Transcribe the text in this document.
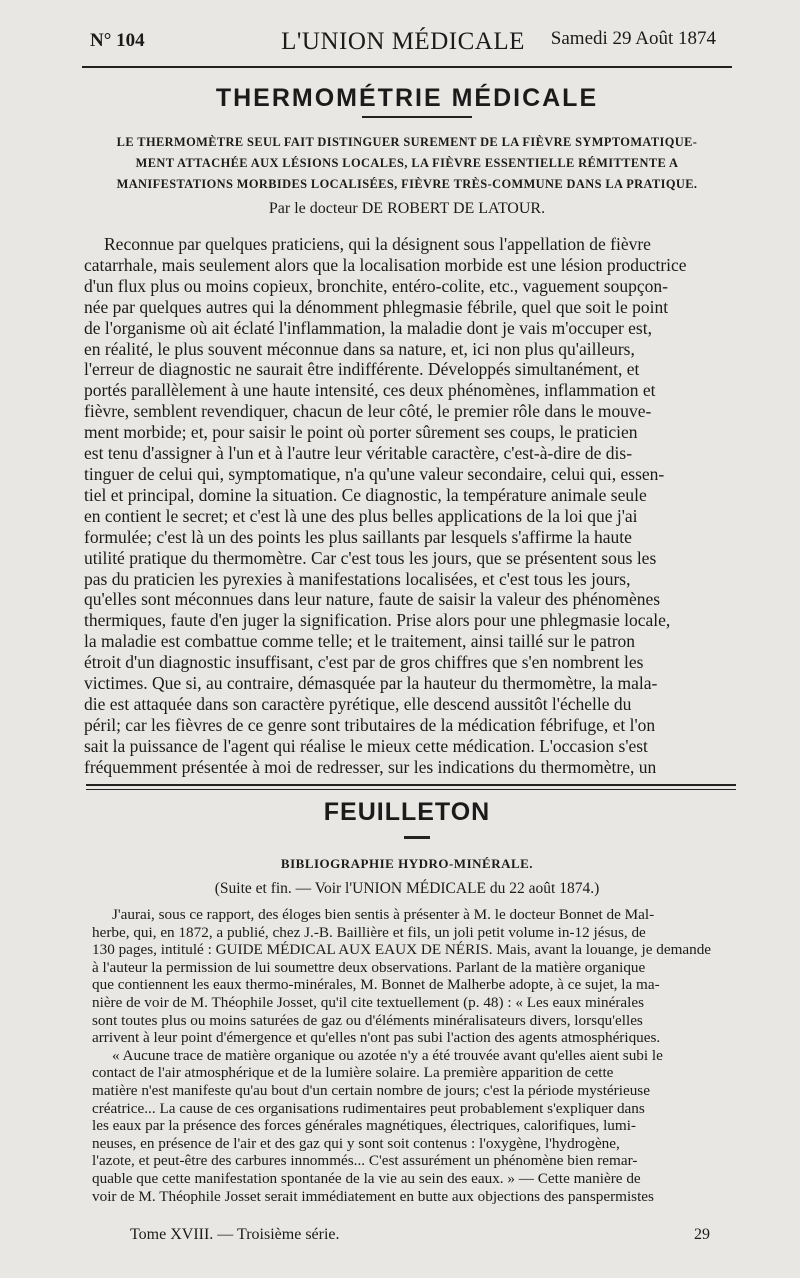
N° 104	L'UNION MÉDICALE	Samedi 29 Août 1874
THERMOMÉTRIE MÉDICALE
LE THERMOMÈTRE SEUL FAIT DISTINGUER SUREMENT DE LA FIÈVRE SYMPTOMATIQUE-
MENT ATTACHÉE AUX LÉSIONS LOCALES, LA FIÈVRE ESSENTIELLE RÉMITTENTE A
MANIFESTATIONS MORBIDES LOCALISÉES, FIÈVRE TRÈS-COMMUNE DANS LA PRATIQUE.
Par le docteur DE ROBERT DE LATOUR.
Reconnue par quelques praticiens, qui la désignent sous l'appellation de fièvre
catarrhale, mais seulement alors que la localisation morbide est une lésion productrice
d'un flux plus ou moins copieux, bronchite, entéro-colite, etc., vaguement soupçon-
née par quelques autres qui la dénomment phlegmasie fébrile, quel que soit le point
de l'organisme où ait éclaté l'inflammation, la maladie dont je vais m'occuper est,
en réalité, le plus souvent méconnue dans sa nature, et, ici non plus qu'ailleurs,
l'erreur de diagnostic ne saurait être indifférente. Développés simultanément, et
portés parallèlement à une haute intensité, ces deux phénomènes, inflammation et
fièvre, semblent revendiquer, chacun de leur côté, le premier rôle dans le mouve-
ment morbide; et, pour saisir le point où porter sûrement ses coups, le praticien
est tenu d'assigner à l'un et à l'autre leur véritable caractère, c'est-à-dire de dis-
tinguer de celui qui, symptomatique, n'a qu'une valeur secondaire, celui qui, essen-
tiel et principal, domine la situation. Ce diagnostic, la température animale seule
en contient le secret; et c'est là une des plus belles applications de la loi que j'ai
formulée; c'est là un des points les plus saillants par lesquels s'affirme la haute
utilité pratique du thermomètre. Car c'est tous les jours, que se présentent sous les
pas du praticien les pyrexies à manifestations localisées, et c'est tous les jours,
qu'elles sont méconnues dans leur nature, faute de saisir la valeur des phénomènes
thermiques, faute d'en juger la signification. Prise alors pour une phlegmasie locale,
la maladie est combattue comme telle; et le traitement, ainsi taillé sur le patron
étroit d'un diagnostic insuffisant, c'est par de gros chiffres que s'en nombrent les
victimes. Que si, au contraire, démasquée par la hauteur du thermomètre, la mala-
die est attaquée dans son caractère pyrétique, elle descend aussitôt l'échelle du
péril; car les fièvres de ce genre sont tributaires de la médication fébrifuge, et l'on
sait la puissance de l'agent qui réalise le mieux cette médication. L'occasion s'est
fréquemment présentée à moi de redresser, sur les indications du thermomètre, un
FEUILLETON
BIBLIOGRAPHIE HYDRO-MINÉRALE.
(Suite et fin. — Voir l'UNION MÉDICALE du 22 août 1874.)
J'aurai, sous ce rapport, des éloges bien sentis à présenter à M. le docteur Bonnet de Mal-
herbe, qui, en 1872, a publié, chez J.-B. Baillière et fils, un joli petit volume in-12 jésus, de
130 pages, intitulé : GUIDE MÉDICAL AUX EAUX DE NÉRIS. Mais, avant la louange, je demande
à l'auteur la permission de lui soumettre deux observations. Parlant de la matière organique
que contiennent les eaux thermo-minérales, M. Bonnet de Malherbe adopte, à ce sujet, la ma-
nière de voir de M. Théophile Josset, qu'il cite textuellement (p. 48) : « Les eaux minérales
sont toutes plus ou moins saturées de gaz ou d'éléments minéralisateurs divers, lorsqu'elles
arrivent à leur point d'émergence et qu'elles n'ont pas subi l'action des agents atmosphériques.
« Aucune trace de matière organique ou azotée n'y a été trouvée avant qu'elles aient subi le
contact de l'air atmosphérique et de la lumière solaire. La première apparition de cette
matière n'est manifeste qu'au bout d'un certain nombre de jours; c'est la période mystérieuse
créatrice... La cause de ces organisations rudimentaires peut probablement s'expliquer dans
les eaux par la présence des forces générales magnétiques, électriques, calorifiques, lumi-
neuses, en présence de l'air et des gaz qui y sont soit contenus : l'oxygène, l'hydrogène,
l'azote, et peut-être des carbures innommés... C'est assurément un phénomène bien remar-
quable que cette manifestation spontanée de la vie au sein des eaux. » — Cette manière de
voir de M. Théophile Josset serait immédiatement en butte aux objections des panspermistes
Tome XVIII. — Troisième série.	29
